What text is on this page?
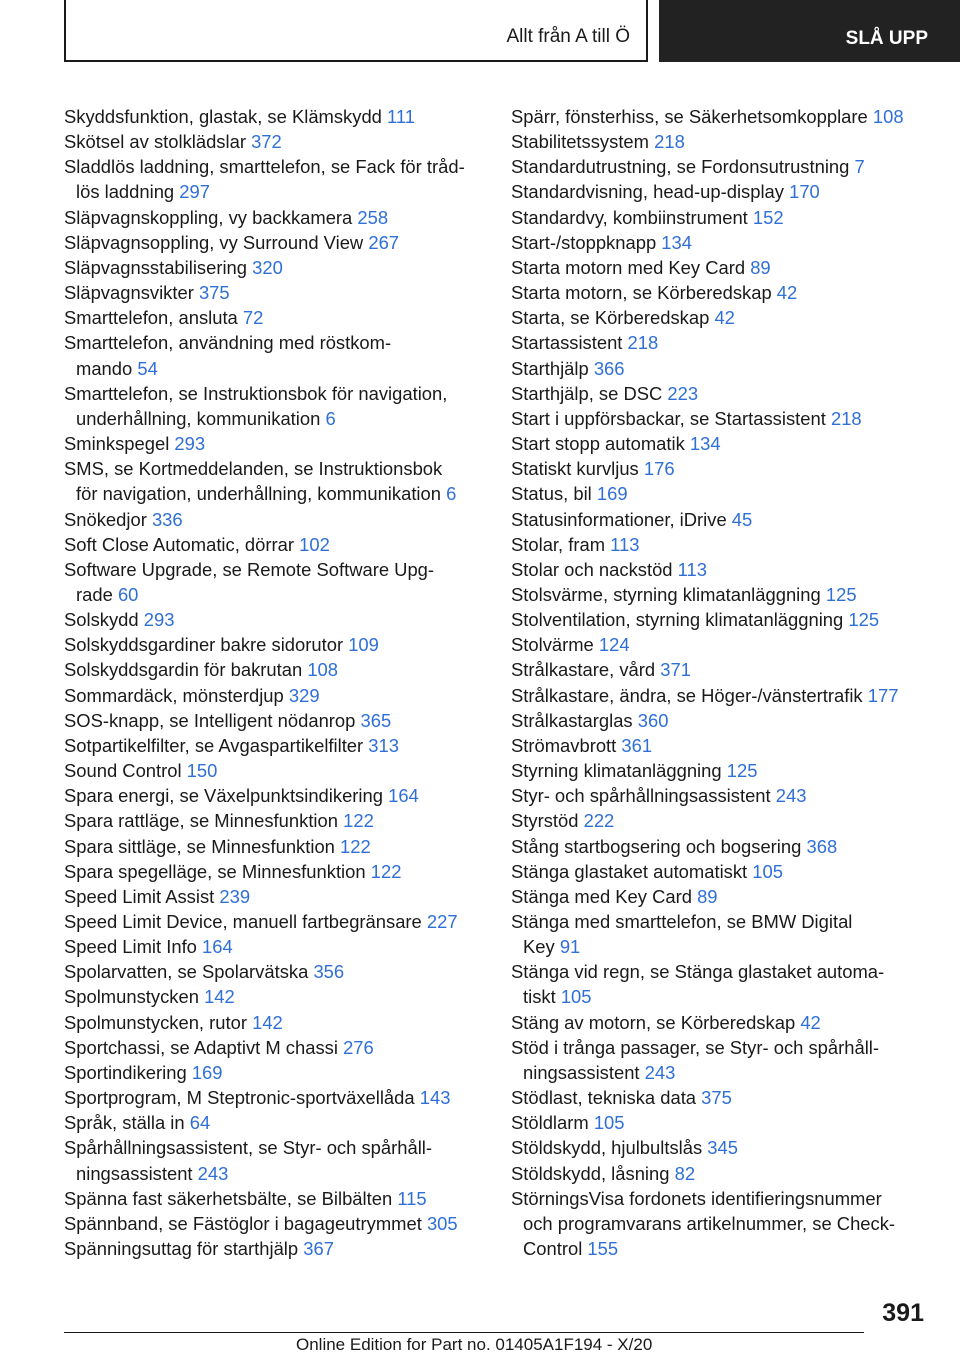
Allt från A till Ö	SLÅ UPP
Skyddsfunktion, glastak, se Klämskydd 111
Skötsel av stolklädslar 372
Sladdlös laddning, smarttelefon, se Fack för tråd-
lös laddning 297
Släpvagnskoppling, vy backkamera 258
Släpvagnsoppling, vy Surround View 267
Släpvagnsstabilisering 320
Släpvagnsvikter 375
Smarttelefon, ansluta 72
Smarttelefon, användning med röstkom-
mando 54
Smarttelefon, se Instruktionsbok för navigation,
underhållning, kommunikation 6
Sminkspegel 293
SMS, se Kortmeddelanden, se Instruktionsbok
för navigation, underhållning, kommunikation 6
Snökedjor 336
Soft Close Automatic, dörrar 102
Software Upgrade, se Remote Software Upg-
rade 60
Solskydd 293
Solskyddsgardiner bakre sidorutor 109
Solskyddsgardin för bakrutan 108
Sommardäck, mönsterdjup 329
SOS-knapp, se Intelligent nödanrop 365
Sotpartikelfilter, se Avgaspartikelfilter 313
Sound Control 150
Spara energi, se Växelpunktsindikering 164
Spara rattläge, se Minnesfunktion 122
Spara sittläge, se Minnesfunktion 122
Spara spegelläge, se Minnesfunktion 122
Speed Limit Assist 239
Speed Limit Device, manuell fartbegränsare 227
Speed Limit Info 164
Spolarvatten, se Spolarvätska 356
Spolmunstycken 142
Spolmunstycken, rutor 142
Sportchassi, se Adaptivt M chassi 276
Sportindikering 169
Sportprogram, M Steptronic-sportväxellåda 143
Språk, ställa in 64
Spårhållningsassistent, se Styr- och spårhåll-
ningsassistent 243
Spänna fast säkerhetsbälte, se Bilbälten 115
Spännband, se Fästöglor i bagageutrymmet 305
Spänningsuttag för starthjälp 367
Spärr, fönsterhiss, se Säkerhetsomkopplare 108
Stabilitetssystem 218
Standardutrustning, se Fordonsutrustning 7
Standardvisning, head-up-display 170
Standardvy, kombiinstrument 152
Start-/stoppknapp 134
Starta motorn med Key Card 89
Starta motorn, se Körberedskap 42
Starta, se Körberedskap 42
Startassistent 218
Starthjälp 366
Starthjälp, se DSC 223
Start i uppförsbackar, se Startassistent 218
Start stopp automatik 134
Statiskt kurvljus 176
Status, bil 169
Statusinformationer, iDrive 45
Stolar, fram 113
Stolar och nackstöd 113
Stolsvärme, styrning klimatanläggning 125
Stolventilation, styrning klimatanläggning 125
Stolvärme 124
Strålkastare, vård 371
Strålkastare, ändra, se Höger-/vänstertrafik 177
Strålkastarglas 360
Strömavbrott 361
Styrning klimatanläggning 125
Styr- och spårhållningsassistent 243
Styrstöd 222
Stång startbogsering och bogsering 368
Stänga glastaket automatiskt 105
Stänga med Key Card 89
Stänga med smarttelefon, se BMW Digital
Key 91
Stänga vid regn, se Stänga glastaket automa-
tiskt 105
Stäng av motorn, se Körberedskap 42
Stöd i trånga passager, se Styr- och spårhåll-
ningsassistent 243
Stödlast, tekniska data 375
Stöldlarm 105
Stöldskydd, hjulbultslås 345
Stöldskydd, låsning 82
StörningsVisa fordonets identifieringsnummer
och programvarans artikelnummer, se Check-
Control 155
391
Online Edition for Part no. 01405A1F194 - X/20
